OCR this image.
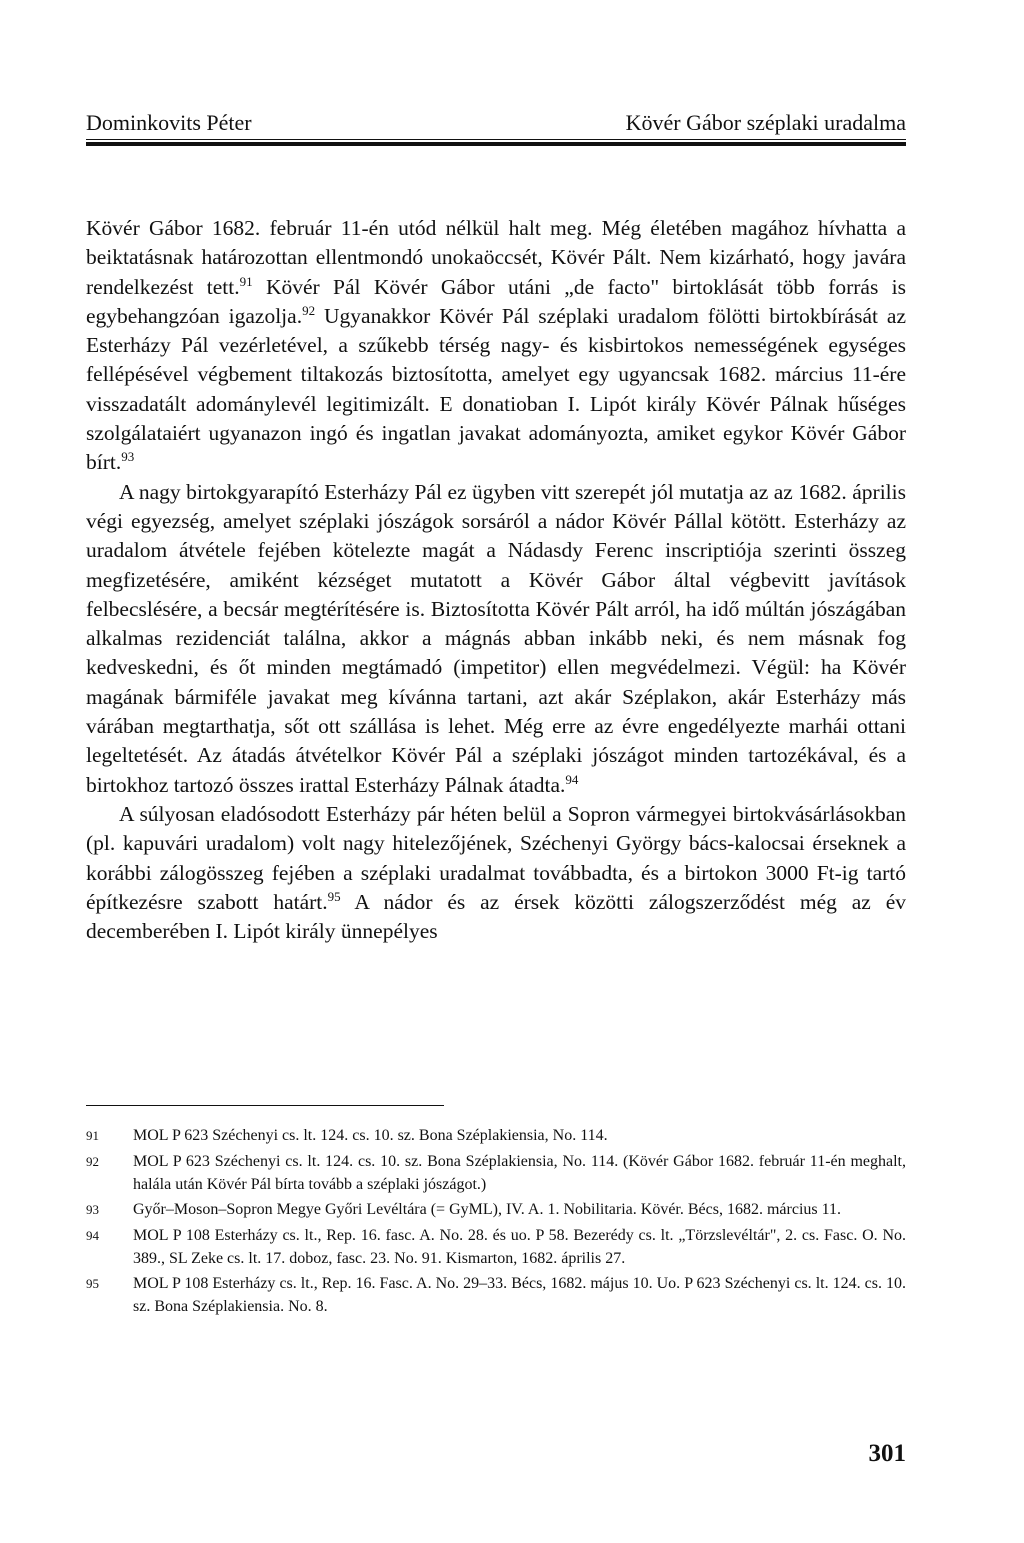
Dominkovits Péter	Kövér Gábor széplaki uradalma

Kövér Gábor 1682. február 11-én utód nélkül halt meg. Még életében magához hívhatta a beiktatásnak határozottan ellentmondó unokaöccsét, Kövér Pált. Nem kizárható, hogy javára rendelkezést tett.$^{91}$ Kövér Pál Kövér Gábor utáni „de facto" birtoklását több forrás is egybehangzóan igazolja.$^{92}$ Ugyanakkor Kövér Pál széplaki uradalom fölötti birtokbírását az Esterházy Pál vezérletével, a szűkebb térség nagy- és kisbirtokos nemességének egységes fellépésével végbement tiltakozás biztosította, amelyet egy ugyancsak 1682. március 11-ére visszadatált adománylevél legitimizált. E donatioban I. Lipót király Kövér Pálnak hűséges szolgálataiért ugyanazon ingó és ingatlan javakat adományozta, amiket egykor Kövér Gábor bírt.$^{93}$

A nagy birtokgyarapító Esterházy Pál ez ügyben vitt szerepét jól mutatja az az 1682. április végi egyezség, amelyet széplaki jószágok sorsáról a nádor Kövér Pállal kötött. Esterházy az uradalom átvétele fejében kötelezte magát a Nádasdy Ferenc inscriptiója szerinti összeg megfizetésére, amiként kézséget mutatott a Kövér Gábor által végbevitt javítások felbecslésére, a becsár megtérítésére is. Biztosította Kövér Pált arról, ha idő múltán jószágában alkalmas rezidenciát találna, akkor a mágnás abban inkább neki, és nem másnak fog kedveskedni, és őt minden megtámadó (impetitor) ellen megvédelmezi. Végül: ha Kövér magának bármiféle javakat meg kívánna tartani, azt akár Széplakon, akár Esterházy más várában megtarthatja, sőt ott szállása is lehet. Még erre az évre engedélyezte marhái ottani legeltetését. Az átadás átvételkor Kövér Pál a széplaki jószágot minden tartozékával, és a birtokhoz tartozó összes irattal Esterházy Pálnak átadta.$^{94}$

A súlyosan eladósodott Esterházy pár héten belül a Sopron vármegyei birtokvásárlásokban (pl. kapuvári uradalom) volt nagy hitelezőjének, Széchenyi György bács-kalocsai érseknek a korábbi zálogösszeg fejében a széplaki uradalmat továbbadta, és a birtokon 3000 Ft-ig tartó építkezésre szabott határt.$^{95}$ A nádor és az érsek közötti zálogszerződést még az év decemberében I. Lipót király ünnepélyes

91	MOL P 623 Széchenyi cs. lt. 124. cs. 10. sz. Bona Széplakiensia, No. 114.
92	MOL P 623 Széchenyi cs. lt. 124. cs. 10. sz. Bona Széplakiensia, No. 114. (Kövér Gábor 1682. február 11-én meghalt, halála után Kövér Pál bírta tovább a széplaki jószágot.)
93	Győr–Moson–Sopron Megye Győri Levéltára (= GyML), IV. A. 1. Nobilitaria. Kövér. Bécs, 1682. március 11.
94	MOL P 108 Esterházy cs. lt., Rep. 16. fasc. A. No. 28. és uo. P 58. Bezerédy cs. lt. „Törzslevéltár", 2. cs. Fasc. O. No. 389., SL Zeke cs. lt. 17. doboz, fasc. 23. No. 91. Kismarton, 1682. április 27.
95	MOL P 108 Esterházy cs. lt., Rep. 16. Fasc. A. No. 29–33. Bécs, 1682. május 10. Uo. P 623 Széchenyi cs. lt. 124. cs. 10. sz. Bona Széplakiensia. No. 8.
301
